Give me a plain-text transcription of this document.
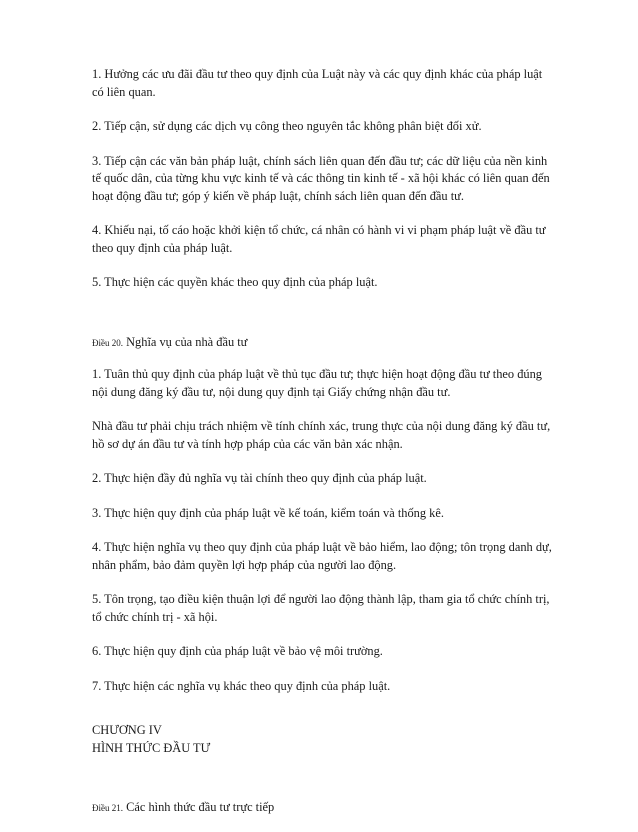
1. Hưởng các ưu đãi đầu tư theo quy định của Luật này và các quy định khác của pháp luật có liên quan.

2. Tiếp cận, sử dụng các dịch vụ công theo nguyên tắc không phân biệt đối xử.

3. Tiếp cận các văn bản pháp luật, chính sách liên quan đến đầu tư; các dữ liệu của nền kinh tế quốc dân, của từng khu vực kinh tế và các thông tin kinh tế - xã hội khác có liên quan đến hoạt động đầu tư; góp ý kiến về pháp luật, chính sách liên quan đến đầu tư.

4. Khiếu nại, tố cáo hoặc khởi kiện tổ chức, cá nhân có hành vi vi phạm pháp luật về đầu tư theo quy định của pháp luật.

5. Thực hiện các quyền khác theo quy định của pháp luật.

Điều 20. Nghĩa vụ của nhà đầu tư

1. Tuân thủ quy định của pháp luật về thủ tục đầu tư; thực hiện hoạt động đầu tư theo đúng nội dung đăng ký đầu tư, nội dung quy định tại Giấy chứng nhận đầu tư.

Nhà đầu tư phải chịu trách nhiệm về tính chính xác, trung thực của nội dung đăng ký đầu tư, hồ sơ dự án đầu tư và tính hợp pháp của các văn bản xác nhận.

2. Thực hiện đầy đủ nghĩa vụ tài chính theo quy định của pháp luật.

3. Thực hiện quy định của pháp luật về kế toán, kiểm toán và thống kê.

4. Thực hiện nghĩa vụ theo quy định của pháp luật về bảo hiểm, lao động; tôn trọng danh dự, nhân phẩm, bảo đảm quyền lợi hợp pháp của người lao động.

5. Tôn trọng, tạo điều kiện thuận lợi để người lao động thành lập, tham gia tổ chức chính trị, tổ chức chính trị - xã hội.

6. Thực hiện quy định của pháp luật về bảo vệ môi trường.

7. Thực hiện các nghĩa vụ khác theo quy định của pháp luật.

CHƯƠNG IV

HÌNH THỨC ĐẦU TƯ

Điều 21. Các hình thức đầu tư trực tiếp
